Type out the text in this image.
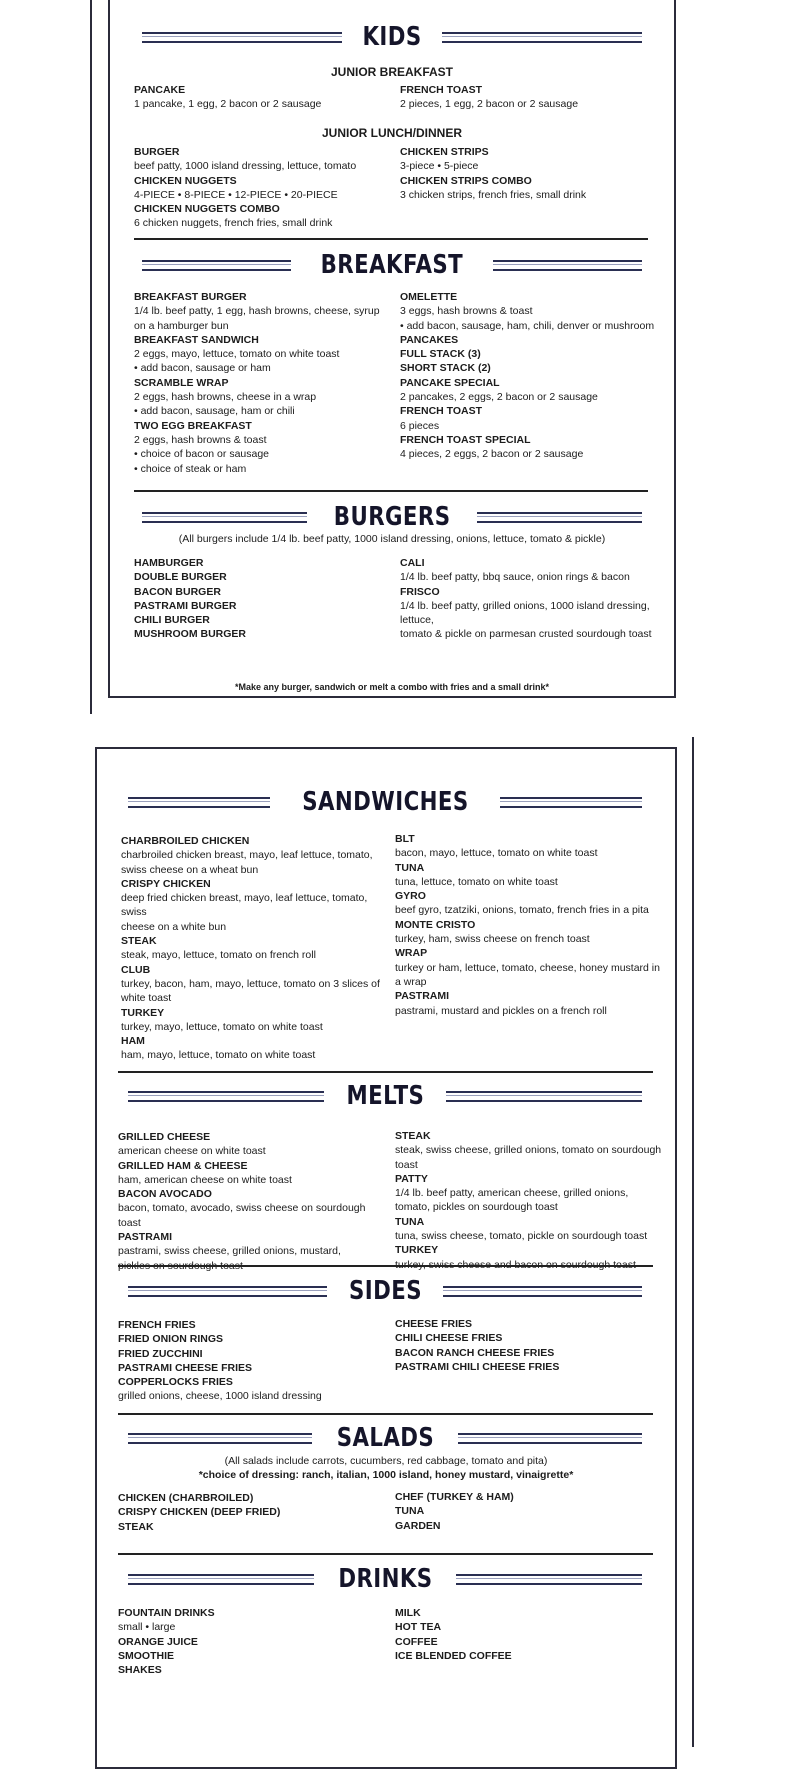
KIDS
JUNIOR BREAKFAST
PANCAKE
1 pancake, 1 egg, 2 bacon or 2 sausage
FRENCH TOAST
2 pieces, 1 egg, 2 bacon or 2 sausage
JUNIOR LUNCH/DINNER
BURGER
beef patty, 1000 island dressing, lettuce, tomato
CHICKEN NUGGETS
4-PIECE • 8-PIECE • 12-PIECE • 20-PIECE
CHICKEN NUGGETS COMBO
6 chicken nuggets, french fries, small drink
CHICKEN STRIPS
3-piece • 5-piece
CHICKEN STRIPS COMBO
3 chicken strips, french fries, small drink
BREAKFAST
BREAKFAST BURGER
1/4 lb. beef patty, 1 egg, hash browns, cheese, syrup
on a hamburger bun
BREAKFAST SANDWICH
2 eggs, mayo, lettuce, tomato on white toast
• add bacon, sausage or ham
SCRAMBLE WRAP
2 eggs, hash browns, cheese in a wrap
• add bacon, sausage, ham or chili
TWO EGG BREAKFAST
2 eggs, hash browns & toast
• choice of bacon or sausage
• choice of steak or ham
OMELETTE
3 eggs, hash browns & toast
• add bacon, sausage, ham, chili, denver or mushroom
PANCAKES
FULL STACK (3)
SHORT STACK (2)
PANCAKE SPECIAL
2 pancakes, 2 eggs, 2 bacon or 2 sausage
FRENCH TOAST
6 pieces
FRENCH TOAST SPECIAL
4 pieces, 2 eggs, 2 bacon or 2 sausage
BURGERS
(All burgers include 1/4 lb. beef patty, 1000 island dressing, onions, lettuce, tomato & pickle)
HAMBURGER
DOUBLE BURGER
BACON BURGER
PASTRAMI BURGER
CHILI BURGER
MUSHROOM BURGER
CALI
1/4 lb. beef patty, bbq sauce, onion rings & bacon
FRISCO
1/4 lb. beef patty, grilled onions, 1000 island dressing, lettuce,
tomato & pickle on parmesan crusted sourdough toast
*Make any burger, sandwich or melt a combo with fries and a small drink*
SANDWICHES
CHARBROILED CHICKEN
charbroiled chicken breast, mayo, leaf lettuce, tomato,
swiss cheese on a wheat bun
CRISPY CHICKEN
deep fried chicken breast, mayo, leaf lettuce, tomato, swiss
cheese on a white bun
STEAK
steak, mayo, lettuce, tomato on french roll
CLUB
turkey, bacon, ham, mayo, lettuce, tomato on 3 slices of
white toast
TURKEY
turkey, mayo, lettuce, tomato on white toast
HAM
ham, mayo, lettuce, tomato on white toast
BLT
bacon, mayo, lettuce, tomato on white toast
TUNA
tuna, lettuce, tomato on white toast
GYRO
beef gyro, tzatziki, onions, tomato, french fries in a pita
MONTE CRISTO
turkey, ham, swiss cheese on french toast
WRAP
turkey or ham, lettuce, tomato, cheese, honey mustard in
a wrap
PASTRAMI
pastrami, mustard and pickles on a french roll
MELTS
GRILLED CHEESE
american cheese on white toast
GRILLED HAM & CHEESE
ham, american cheese on white toast
BACON AVOCADO
bacon, tomato, avocado, swiss cheese on sourdough toast
PASTRAMI
pastrami, swiss cheese, grilled onions, mustard,
pickles on sourdough toast
STEAK
steak, swiss cheese, grilled onions, tomato on sourdough toast
PATTY
1/4 lb. beef patty, american cheese, grilled onions,
tomato, pickles on sourdough toast
TUNA
tuna, swiss cheese, tomato, pickle on sourdough toast
TURKEY
turkey, swiss cheese and bacon on sourdough toast
SIDES
FRENCH FRIES
FRIED ONION RINGS
FRIED ZUCCHINI
PASTRAMI CHEESE FRIES
COPPERLOCKS FRIES
grilled onions, cheese, 1000 island dressing
CHEESE FRIES
CHILI CHEESE FRIES
BACON RANCH CHEESE FRIES
PASTRAMI CHILI CHEESE FRIES
SALADS
(All salads include carrots, cucumbers, red cabbage, tomato and pita)
*choice of dressing: ranch, italian, 1000 island, honey mustard, vinaigrette*
CHICKEN (CHARBROILED)
CRISPY CHICKEN (DEEP FRIED)
STEAK
CHEF (TURKEY & HAM)
TUNA
GARDEN
DRINKS
FOUNTAIN DRINKS
small • large
ORANGE JUICE
SMOOTHIE
SHAKES
MILK
HOT TEA
COFFEE
ICE BLENDED COFFEE
